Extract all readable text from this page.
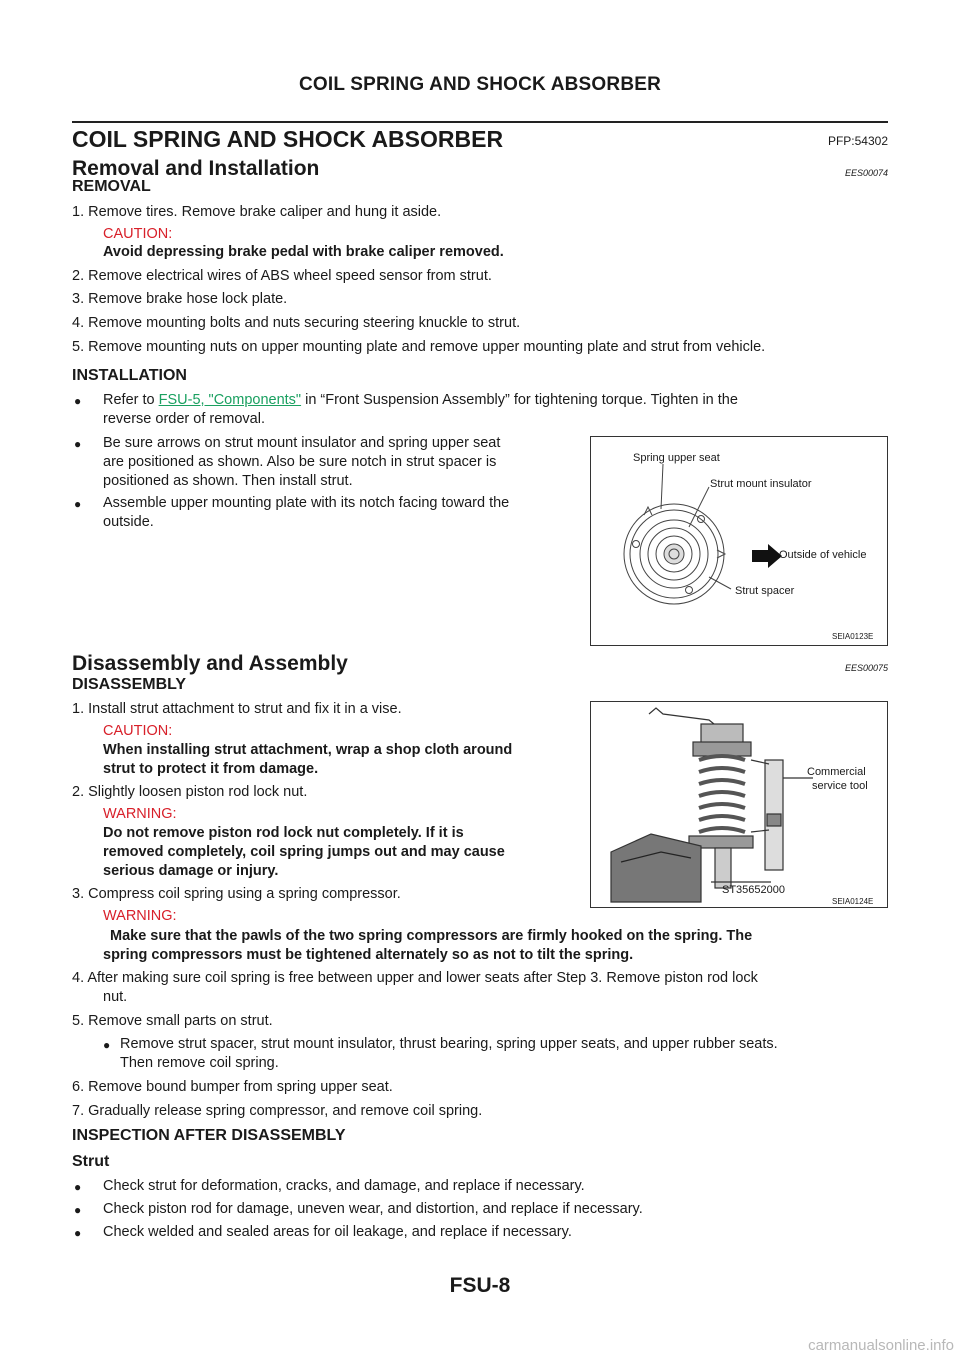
COIL SPRING AND SHOCK ABSORBER
COIL SPRING AND SHOCK ABSORBER	PFP:54302
Removal and Installation	EES00074
REMOVAL
1. Remove tires. Remove brake caliper and hung it aside.
CAUTION:
Avoid depressing brake pedal with brake caliper removed.
2. Remove electrical wires of ABS wheel speed sensor from strut.
3. Remove brake hose lock plate.
4. Remove mounting bolts and nuts securing steering knuckle to strut.
5. Remove mounting nuts on upper mounting plate and remove upper mounting plate and strut from vehicle.
INSTALLATION
● Refer to FSU-5, "Components" in “Front Suspension Assembly” for tightening torque. Tighten in the
reverse order of removal.
● Be sure arrows on strut mount insulator and spring upper seat
are positioned as shown. Also be sure notch in strut spacer is
positioned as shown. Then install strut.
● Assemble upper mounting plate with its notch facing toward the
outside.
Spring upper seat
Strut mount insulator
Outside of vehicle
Strut spacer
SEIA0123E
Disassembly and Assembly	EES00075
DISASSEMBLY
1. Install strut attachment to strut and fix it in a vise.
CAUTION:
When installing strut attachment, wrap a shop cloth around
strut to protect it from damage.
2. Slightly loosen piston rod lock nut.
WARNING:
Do not remove piston rod lock nut completely. If it is
removed completely, coil spring jumps out and may cause
serious damage or injury.
3. Compress coil spring using a spring compressor.
WARNING:
Make sure that the pawls of the two spring compressors are firmly hooked on the spring. The
spring compressors must be tightened alternately so as not to tilt the spring.
4. After making sure coil spring is free between upper and lower seats after Step 3. Remove piston rod lock
nut.
5. Remove small parts on strut.
● Remove strut spacer, strut mount insulator, thrust bearing, spring upper seats, and upper rubber seats.
Then remove coil spring.
6. Remove bound bumper from spring upper seat.
7. Gradually release spring compressor, and remove coil spring.
INSPECTION AFTER DISASSEMBLY
Strut
● Check strut for deformation, cracks, and damage, and replace if necessary.
● Check piston rod for damage, uneven wear, and distortion, and replace if necessary.
● Check welded and sealed areas for oil leakage, and replace if necessary.
Commercial
service tool
ST35652000
SEIA0124E
FSU-8
carmanualsonline.info
